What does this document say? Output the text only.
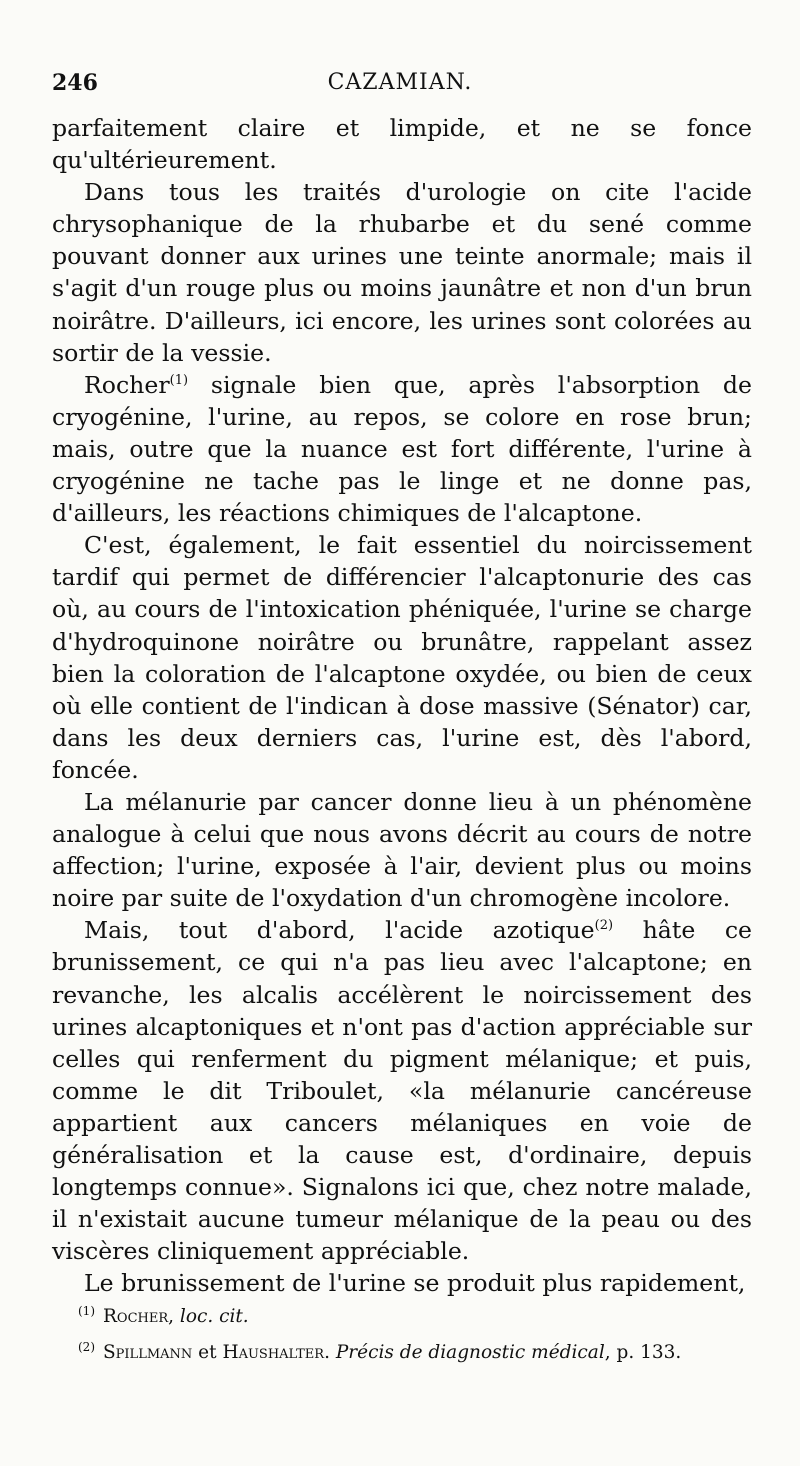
246	CAZAMIAN.

parfaitement claire et limpide, et ne se fonce qu'ultérieurement.

Dans tous les traités d'urologie on cite l'acide chrysophanique de la rhubarbe et du sené comme pouvant donner aux urines une teinte anormale; mais il s'agit d'un rouge plus ou moins jaunâtre et non d'un brun noirâtre. D'ailleurs, ici encore, les urines sont colorées au sortir de la vessie.

Rocher$^{(1)}$ signale bien que, après l'absorption de cryogénine, l'urine, au repos, se colore en rose brun; mais, outre que la nuance est fort différente, l'urine à cryogénine ne tache pas le linge et ne donne pas, d'ailleurs, les réactions chimiques de l'alcaptone.

C'est, également, le fait essentiel du noircissement tardif qui permet de différencier l'alcaptonurie des cas où, au cours de l'intoxication phéniquée, l'urine se charge d'hydroquinone noirâtre ou brunâtre, rappelant assez bien la coloration de l'alcaptone oxydée, ou bien de ceux où elle contient de l'indican à dose massive (Sénator) car, dans les deux derniers cas, l'urine est, dès l'abord, foncée.

La mélanurie par cancer donne lieu à un phénomène analogue à celui que nous avons décrit au cours de notre affection; l'urine, exposée à l'air, devient plus ou moins noire par suite de l'oxydation d'un chromogène incolore.

Mais, tout d'abord, l'acide azotique$^{(2)}$ hâte ce brunissement, ce qui n'a pas lieu avec l'alcaptone; en revanche, les alcalis accélèrent le noircissement des urines alcaptoniques et n'ont pas d'action appréciable sur celles qui renferment du pigment mélanique; et puis, comme le dit Triboulet, «la mélanurie cancéreuse appartient aux cancers mélaniques en voie de généralisation et la cause est, d'ordinaire, depuis longtemps connue». Signalons ici que, chez notre malade, il n'existait aucune tumeur mélanique de la peau ou des viscères cliniquement appréciable.

Le brunissement de l'urine se produit plus rapidement,

$^{(1)}$ Rocher, loc. cit.
$^{(2)}$ Spillmann et Haushalter. Précis de diagnostic médical, p. 133.
